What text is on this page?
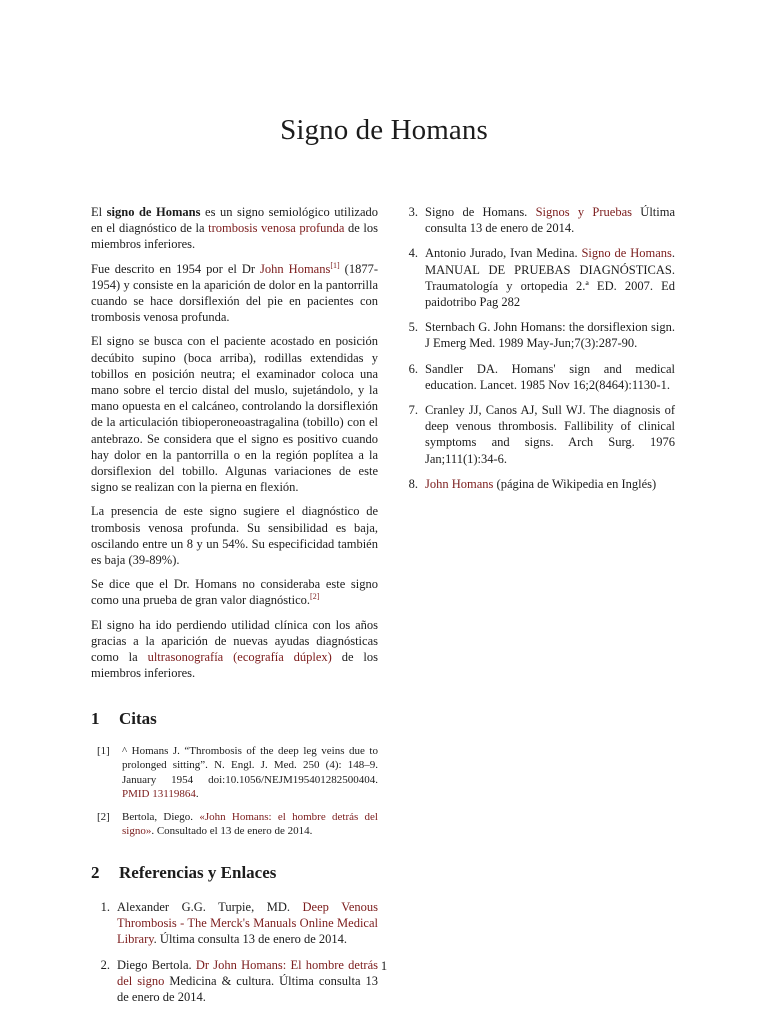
Signo de Homans

El signo de Homans es un signo semiológico utilizado en el diagnóstico de la trombosis venosa profunda de los miembros inferiores.

Fue descrito en 1954 por el Dr John Homans[1] (1877-1954) y consiste en la aparición de dolor en la pantorrilla cuando se hace dorsiflexión del pie en pacientes con trombosis venosa profunda.

El signo se busca con el paciente acostado en posición decúbito supino (boca arriba), rodillas extendidas y tobillos en posición neutra; el examinador coloca una mano sobre el tercio distal del muslo, sujetándolo, y la mano opuesta en el calcáneo, controlando la dorsiflexión de la articulación tibioperoneoastragalina (tobillo) con el antebrazo. Se considera que el signo es positivo cuando hay dolor en la pantorrilla o en la región poplítea a la dorsiflexion del tobillo. Algunas variaciones de este signo se realizan con la pierna en flexión.

La presencia de este signo sugiere el diagnóstico de trombosis venosa profunda. Su sensibilidad es baja, oscilando entre un 8 y un 54%. Su especificidad también es baja (39-89%).

Se dice que el Dr. Homans no consideraba este signo como una prueba de gran valor diagnóstico.[2]

El signo ha ido perdiendo utilidad clínica con los años gracias a la aparición de nuevas ayudas diagnósticas como la ultrasonografía (ecografía dúplex) de los miembros inferiores.

1 Citas
[1]	^ Homans J. “Thrombosis of the deep leg veins due to prolonged sitting”. N. Engl. J. Med. 250 (4): 148–9. January 1954 doi:10.1056/NEJM195401282500404. PMID 13119864.
[2]	Bertola, Diego. «John Homans: el hombre detrás del signo». Consultado el 13 de enero de 2014.
2 Referencias y Enlaces
1. Alexander G.G. Turpie, MD. Deep Venous Thrombosis - The Merck's Manuals Online Medical Library. Última consulta 13 de enero de 2014.
2. Diego Bertola. Dr John Homans: El hombre detrás del signo Medicina & cultura. Última consulta 13 de enero de 2014.
3. Signo de Homans. Signos y Pruebas Última consulta 13 de enero de 2014.
4. Antonio Jurado, Ivan Medina. Signo de Homans. MANUAL DE PRUEBAS DIAGNÓSTICAS. Traumatología y ortopedia 2.ª ED. 2007. Ed paidotribo Pag 282
5. Sternbach G. John Homans: the dorsiflexion sign. J Emerg Med. 1989 May-Jun;7(3):287-90.
6. Sandler DA. Homans' sign and medical education. Lancet. 1985 Nov 16;2(8464):1130-1.
7. Cranley JJ, Canos AJ, Sull WJ. The diagnosis of deep venous thrombosis. Fallibility of clinical symptoms and signs. Arch Surg. 1976 Jan;111(1):34-6.
8. John Homans (página de Wikipedia en Inglés)
1
